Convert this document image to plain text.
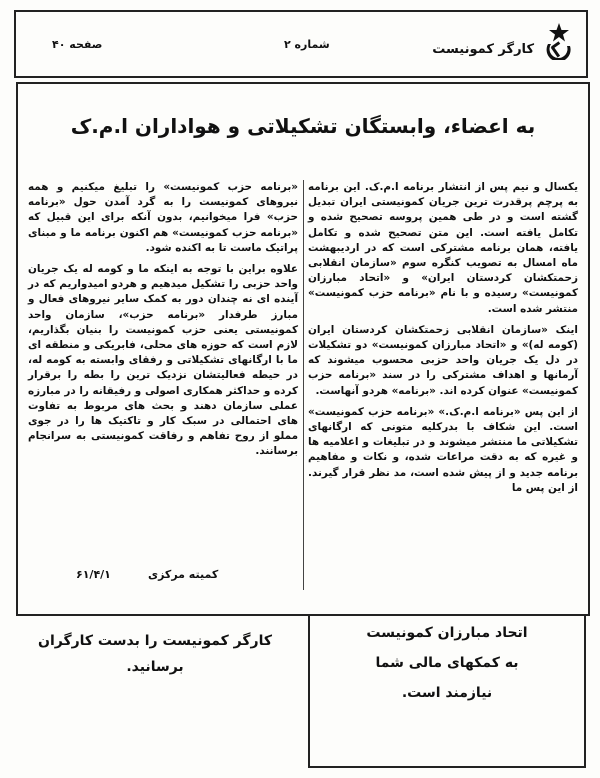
کارگر کمونیست
شماره ۲
صفحه ۴۰
به اعضاء، وابستگان تشکیلاتی و هواداران ا.م.ک

یکسال و نیم پس از انتشار برنامه ا.م.ک. این برنامه به پرچم پرقدرت ترین جریان کمونیستی ایران تبدیل گشته است و در طی همین پروسه تصحیح شده و تکامل یافته است. این متن تصحیح شده و تکامل یافته، همان برنامه مشترکی است که در اردیبهشت ماه امسال به تصویب کنگره سوم «سازمان انقلابی زحمتکشان کردستان ایران» و «اتحاد مبارزان کمونیست» رسیده و با نام «برنامه حزب کمونیست» منتشر شده است.

اینک «سازمان انقلابی زحمتکشان کردستان ایران (کومه له)» و «اتحاد مبارزان کمونیست» دو تشکیلات در دل یک جریان واحد حزبی محسوب میشوند که آرمانها و اهداف مشترکی را در سند «برنامه حزب کمونیست» عنوان کرده اند. «برنامه» هردو آنهاست.

از این پس «برنامه ا.م.ک.» «برنامه حزب کمونیست» است. این شکاف با بدرکلیه متونی که ارگانهای تشکیلاتی ما منتشر میشوند و در تبلیغات و اعلامیه ها و غیره که به دقت مراعات شده، و نکات و مفاهیم برنامه جدید و از پیش شده است، مد نظر قرار گیرند. از این پس ما

«برنامه حزب کمونیست» را تبلیغ میکنیم و همه نیروهای کمونیست را به گرد آمدن حول «برنامه حزب» فرا میخوانیم، بدون آنکه برای این قبیل که «برنامه حزب کمونیست» هم اکنون برنامه ما و مبنای پراتیک ماست تا به اکنده شود.

علاوه براین با توجه به اینکه ما و کومه له یک جریان واحد حزبی را تشکیل میدهیم و هردو امیدواریم که در آینده ای نه چندان دور به کمک سایر نیروهای فعال و مبارز طرفدار «برنامه حزب»، سازمان واحد کمونیستی یعنی حزب کمونیست را بنیان بگذاریم، لازم است که حوزه های محلی، فابریکی و منطقه ای ما با ارگانهای تشکیلاتی و رفقای وابسته به کومه له، در حیطه فعالیتشان نزدیک ترین را بطه را برقرار کرده و حداکثر همکاری اصولی و رفیقانه را در مبارزه عملی سازمان دهند و بحث های مربوط به تفاوت های احتمالی در سبک کار و تاکتیک ها را در جوی مملو از روح تفاهم و رفاقت کمونیستی به سرانجام برسانند.

۶۱/۴/۱	کمیته مرکزی
کارگر کمونیست را بدست کارگران
برسانید.
اتحاد مبارزان کمونیست
به کمکهای مالی شما
نیازمند است.
